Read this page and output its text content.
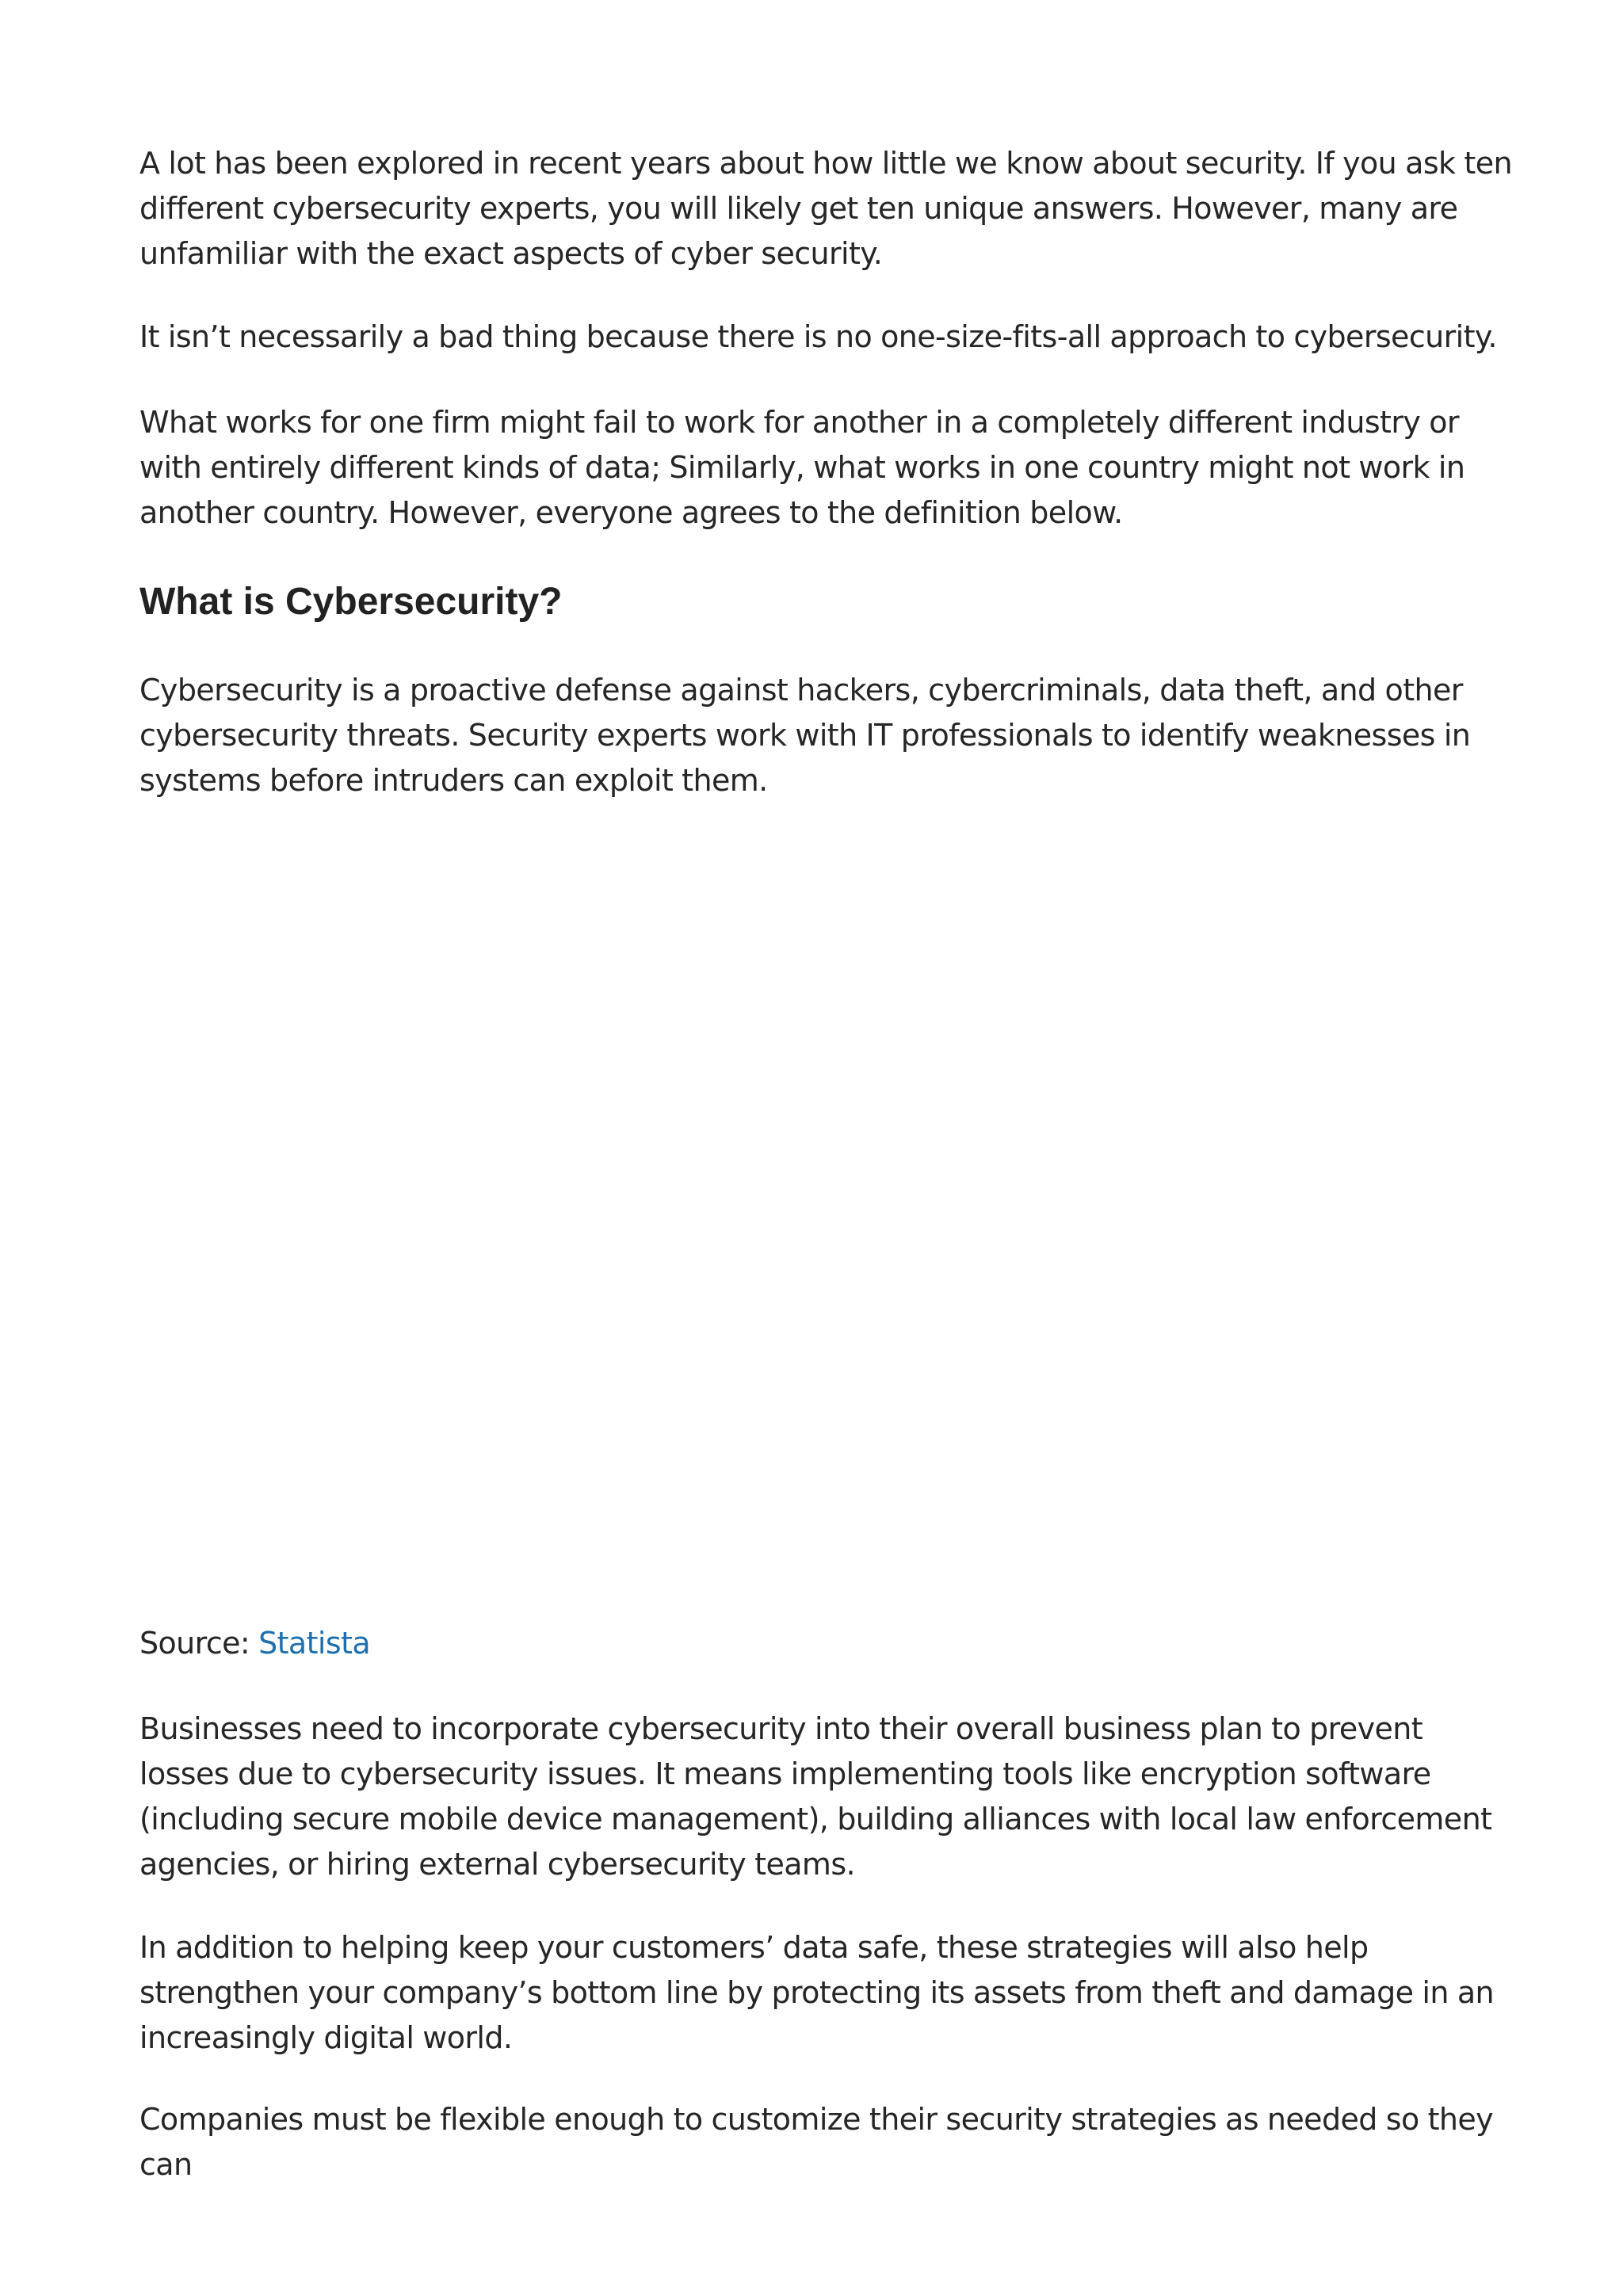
A lot has been explored in recent years about how little we know about security. If you ask ten different cybersecurity experts, you will likely get ten unique answers. However, many are unfamiliar with the exact aspects of cyber security.

It isn’t necessarily a bad thing because there is no one-size-fits-all approach to cybersecurity.

What works for one firm might fail to work for another in a completely different industry or with entirely different kinds of data; Similarly, what works in one country might not work in another country. However, everyone agrees to the definition below.

What is Cybersecurity?

Cybersecurity is a proactive defense against hackers, cybercriminals, data theft, and other cybersecurity threats. Security experts work with IT professionals to identify weaknesses in systems before intruders can exploit them.

Source: Statista

Businesses need to incorporate cybersecurity into their overall business plan to prevent losses due to cybersecurity issues. It means implementing tools like encryption software (including secure mobile device management), building alliances with local law enforcement agencies, or hiring external cybersecurity teams.

In addition to helping keep your customers’ data safe, these strategies will also help strengthen your company’s bottom line by protecting its assets from theft and damage in an increasingly digital world.

Companies must be flexible enough to customize their security strategies as needed so they can
